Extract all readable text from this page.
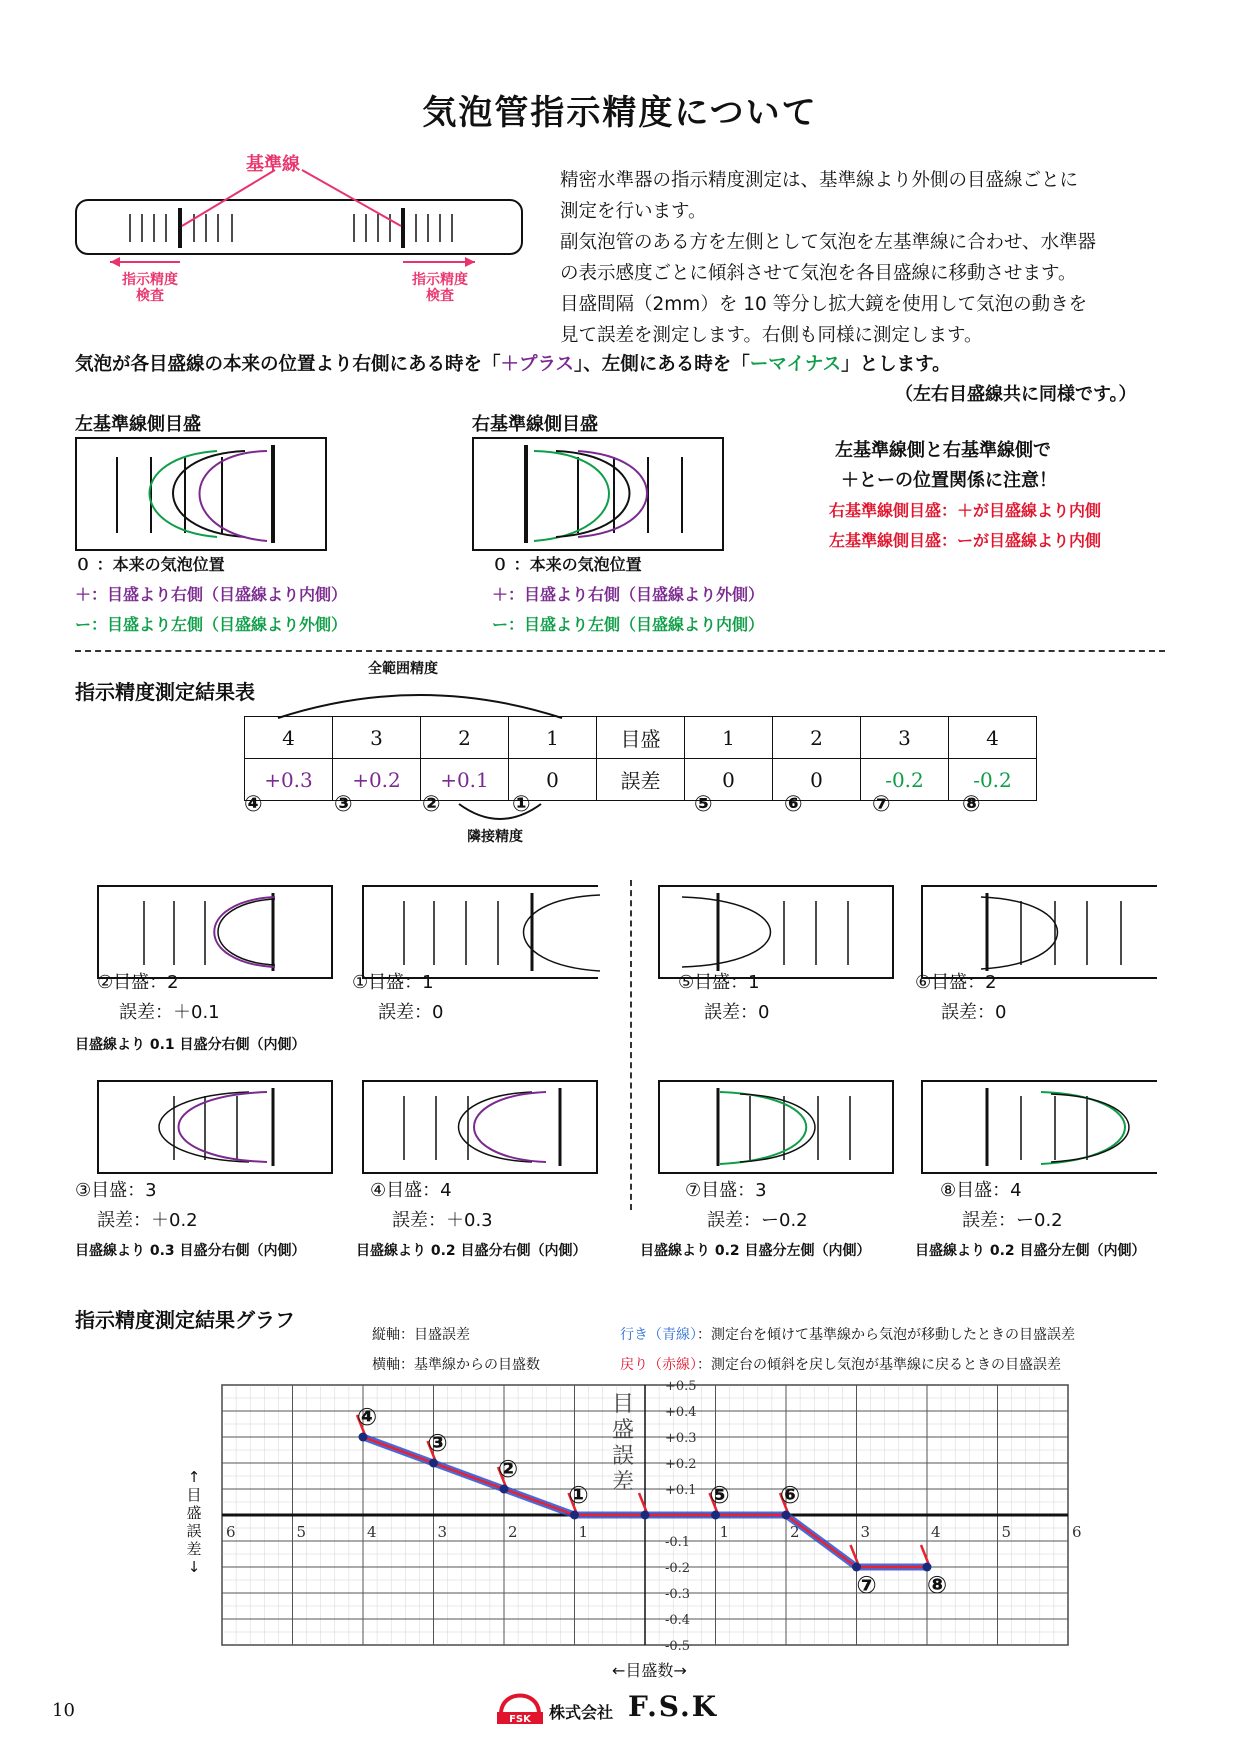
気泡管指示精度について
基準線
指示精度
検査
指示精度
検査
精密水準器の指示精度測定は、基準線より外側の目盛線ごとに
測定を行います。
副気泡管のある方を左側として気泡を左基準線に合わせ、水準器
の表示感度ごとに傾斜させて気泡を各目盛線に移動させます。
目盛間隔（2mm）を 10 等分し拡大鏡を使用して気泡の動きを
見て誤差を測定します。右側も同様に測定します。
気泡が各目盛線の本来の位置より右側にある時を「＋プラス」、左側にある時を「ーマイナス」とします。
（左右目盛線共に同様です。）
左基準線側目盛
０ ：本来の気泡位置
＋：目盛より右側（目盛線より内側）
ー：目盛より左側（目盛線より外側）
右基準線側目盛
０ ：本来の気泡位置
＋：目盛より右側（目盛線より外側）
ー：目盛より左側（目盛線より内側）
左基準線側と右基準線側で
＋とーの位置関係に注意！
右基準線側目盛：＋が目盛線より内側
左基準線側目盛：ーが目盛線より内側
指示精度測定結果表
全範囲精度
4	3	2	1	目盛	1	2	3	4
+0.3	+0.2	+0.1	0	誤差	0	0	-0.2	-0.2
④	③	②	①	⑤	⑥	⑦	⑧
隣接精度
②目盛：2
誤差：＋0.1
目盛線より 0.1 目盛分右側（内側）
①目盛：1
誤差：0
⑤目盛：1
誤差：0
⑥目盛：2
誤差：0
③目盛：3
誤差：＋0.2
目盛線より 0.3 目盛分右側（内側）
④目盛：4
誤差：＋0.3
目盛線より 0.2 目盛分右側（内側）
⑦目盛：3
誤差：ー0.2
目盛線より 0.2 目盛分左側（内側）
⑧目盛：4
誤差：ー0.2
目盛線より 0.2 目盛分左側（内側）
指示精度測定結果グラフ
縦軸：目盛誤差
横軸：基準線からの目盛数
行き（青線）：測定台を傾けて基準線から気泡が移動したときの目盛誤差
戻り（赤線）：測定台の傾斜を戻し気泡が基準線に戻るときの目盛誤差
↑目盛誤差↓
6	5	4	3	2	1	1	2	3	4	5	6
+0.5
+0.4
+0.3
+0.2
+0.1
-0.1
-0.2
-0.3
-0.4
-0.5
目
盛
誤
差
④
③
②
①	⑤ ⑥
⑦ ⑧
←目盛数→
10	FSK 株式会社 F.S.K
